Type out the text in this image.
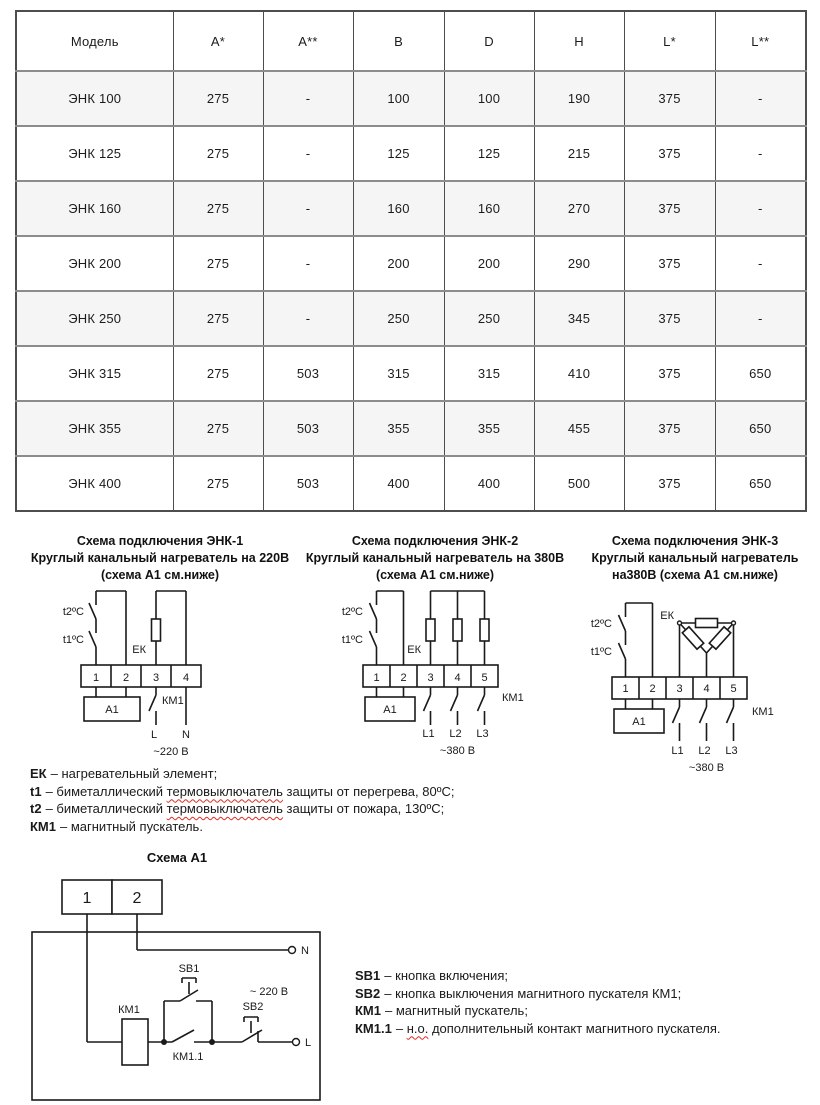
Модель	A*	A**	B	D	H	L*	L**
ЭНК 100	275	-	100	100	190	375	-
ЭНК 125	275	-	125	125	215	375	-
ЭНК 160	275	-	160	160	270	375	-
ЭНК 200	275	-	200	200	290	375	-
ЭНК 250	275	-	250	250	345	375	-
ЭНК 315	275	503	315	315	410	375	650
ЭНК 355	275	503	355	355	455	375	650
ЭНК 400	275	503	400	400	500	375	650
Схема подключения ЭНК-1
Круглый канальный нагреватель на 220В
(схема А1 см.ниже)
Схема подключения ЭНК-2
Круглый канальный нагреватель на 380В
(схема А1 см.ниже)
Схема подключения ЭНК-3
Круглый канальный нагреватель
на380В (схема А1 см.ниже)
t2ºC
t1ºC
ЕК
1 2 3 4
А1
КМ1
L N
~220 В
t2ºC
t1ºC
ЕК
1 2 3 4 5
А1
КМ1
L1 L2 L3
~380 В
t2ºC
t1ºC
ЕК
1 2 3 4 5
А1
КМ1
L1 L2 L3
~380 В
ЕК – нагревательный элемент;
t1 – биметаллический термовыключатель защиты от перегрева, 80ºС;
t2 – биметаллический термовыключатель защиты от пожара, 130ºС;
КМ1 – магнитный пускатель.
Схема А1
1	2
КМ1
КМ1.1
SB1
SB2
N
L
~ 220 В
SB1 – кнопка включения;
SB2 – кнопка выключения магнитного пускателя КМ1;
КМ1 – магнитный пускатель;
КМ1.1 – н.о. дополнительный контакт магнитного пускателя.
